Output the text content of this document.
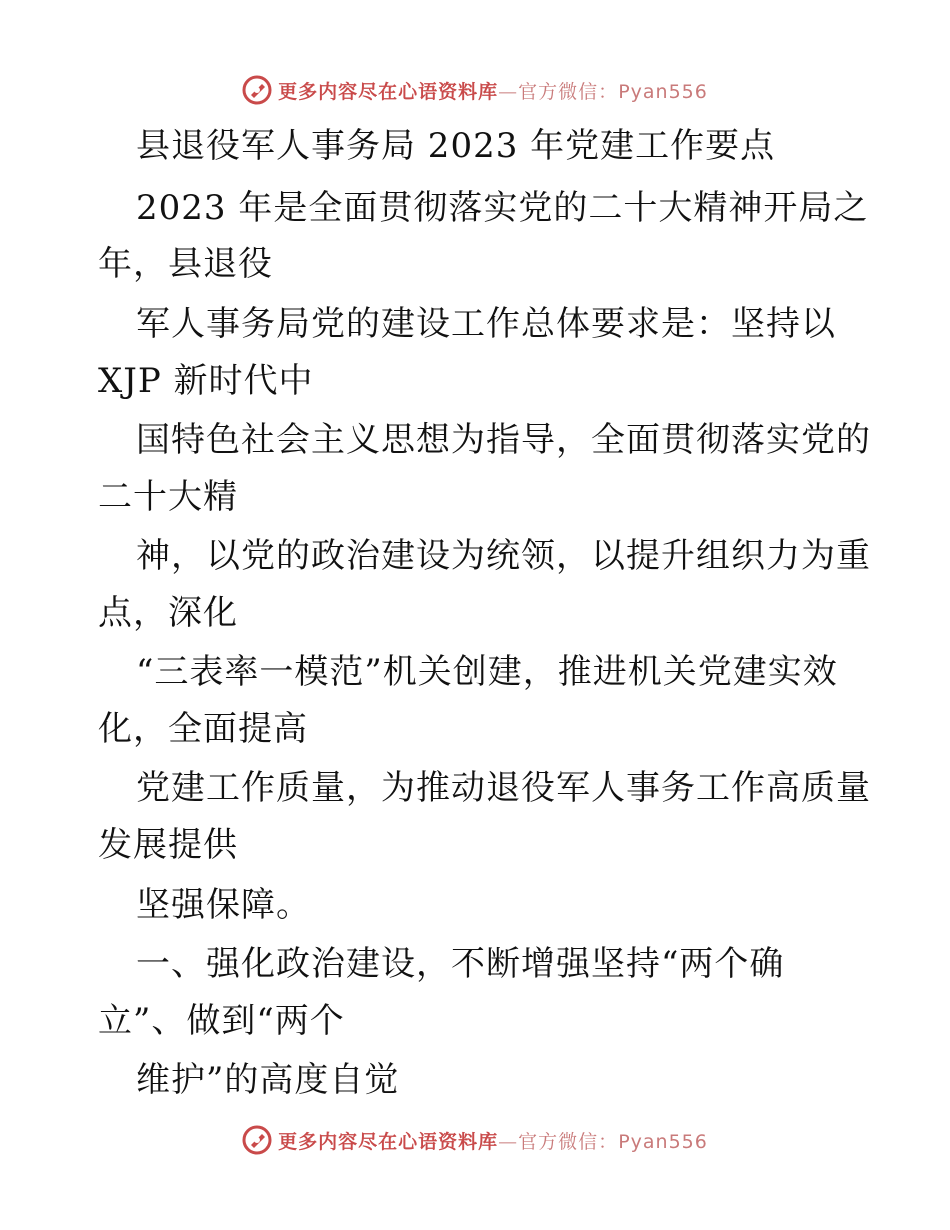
更多内容尽在心语资料库—官方微信：Pyan556
县退役军人事务局 2023 年党建工作要点
2023 年是全面贯彻落实党的二十大精神开局之
年，县退役
军人事务局党的建设工作总体要求是：坚持以
XJP 新时代中
国特色社会主义思想为指导，全面贯彻落实党的
二十大精
神，以党的政治建设为统领，以提升组织力为重
点，深化
“三表率一模范”机关创建，推进机关党建实效
化，全面提高
党建工作质量，为推动退役军人事务工作高质量
发展提供
坚强保障。
一、强化政治建设，不断增强坚持“两个确
立”、做到“两个
维护”的高度自觉
更多内容尽在心语资料库—官方微信：Pyan556
